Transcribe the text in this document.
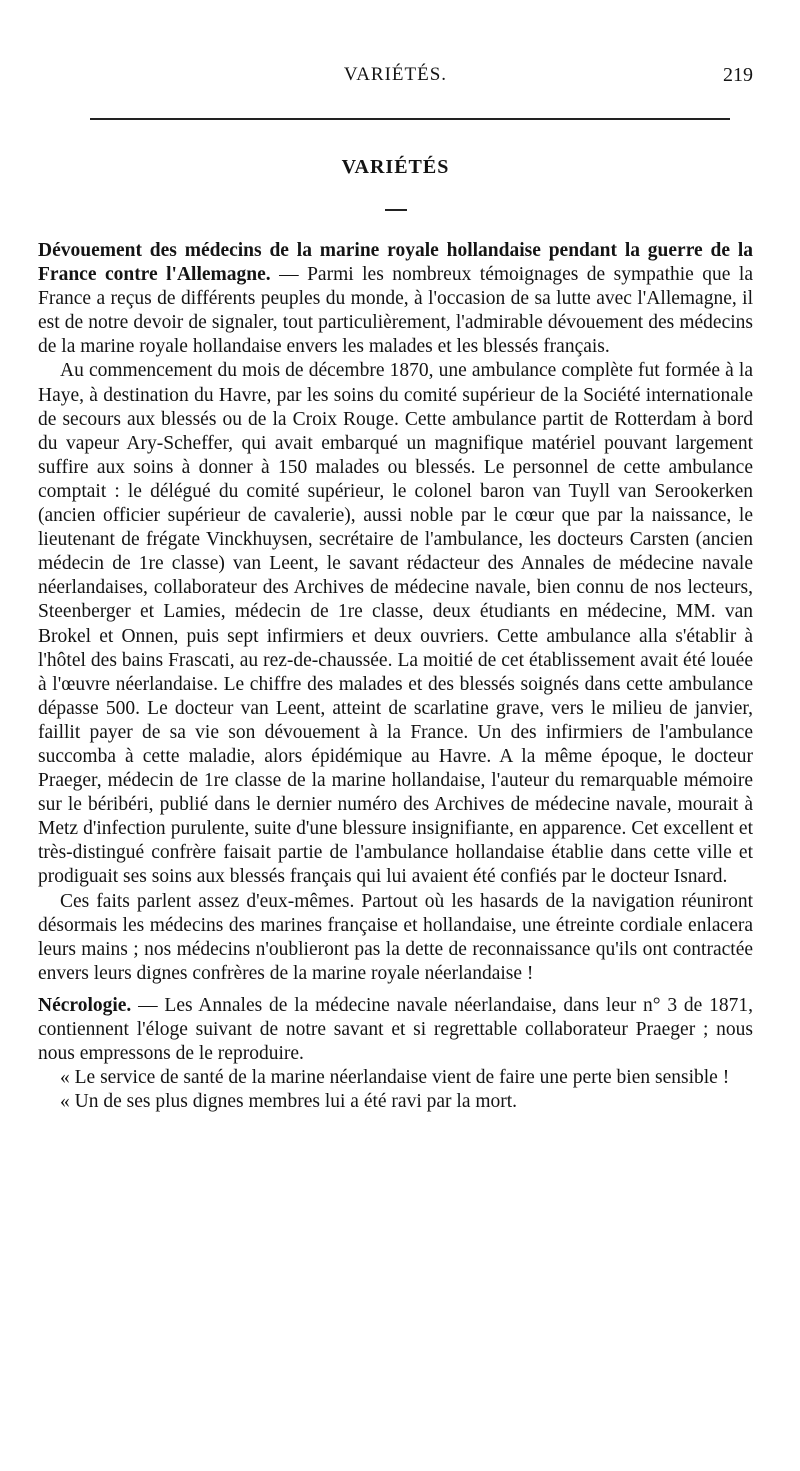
VARIÉTÉS.	219
VARIÉTÉS

Dévouement des médecins de la marine royale hollandaise pendant la guerre de la France contre l'Allemagne. — Parmi les nombreux témoignages de sympathie que la France a reçus de différents peuples du monde, à l'occasion de sa lutte avec l'Allemagne, il est de notre devoir de signaler, tout particulièrement, l'admirable dévouement des médecins de la marine royale hollandaise envers les malades et les blessés français.

Au commencement du mois de décembre 1870, une ambulance complète fut formée à la Haye, à destination du Havre, par les soins du comité supérieur de la Société internationale de secours aux blessés ou de la Croix Rouge. Cette ambulance partit de Rotterdam à bord du vapeur Ary-Scheffer, qui avait embarqué un magnifique matériel pouvant largement suffire aux soins à donner à 150 malades ou blessés. Le personnel de cette ambulance comptait : le délégué du comité supérieur, le colonel baron van Tuyll van Serookerken (ancien officier supérieur de cavalerie), aussi noble par le cœur que par la naissance, le lieutenant de frégate Vinckhuysen, secrétaire de l'ambulance, les docteurs Carsten (ancien médecin de 1re classe) van Leent, le savant rédacteur des Annales de médecine navale néerlandaises, collaborateur des Archives de médecine navale, bien connu de nos lecteurs, Steenberger et Lamies, médecin de 1re classe, deux étudiants en médecine, MM. van Brokel et Onnen, puis sept infirmiers et deux ouvriers. Cette ambulance alla s'établir à l'hôtel des bains Frascati, au rez-de-chaussée. La moitié de cet établissement avait été louée à l'œuvre néerlandaise. Le chiffre des malades et des blessés soignés dans cette ambulance dépasse 500. Le docteur van Leent, atteint de scarlatine grave, vers le milieu de janvier, faillit payer de sa vie son dévouement à la France. Un des infirmiers de l'ambulance succomba à cette maladie, alors épidémique au Havre. A la même époque, le docteur Praeger, médecin de 1re classe de la marine hollandaise, l'auteur du remarquable mémoire sur le béribéri, publié dans le dernier numéro des Archives de médecine navale, mourait à Metz d'infection purulente, suite d'une blessure insignifiante, en apparence. Cet excellent et très-distingué confrère faisait partie de l'ambulance hollandaise établie dans cette ville et prodiguait ses soins aux blessés français qui lui avaient été confiés par le docteur Isnard.

Ces faits parlent assez d'eux-mêmes. Partout où les hasards de la navigation réuniront désormais les médecins des marines française et hollandaise, une étreinte cordiale enlacera leurs mains ; nos médecins n'oublieront pas la dette de reconnaissance qu'ils ont contractée envers leurs dignes confrères de la marine royale néerlandaise !

Nécrologie. — Les Annales de la médecine navale néerlandaise, dans leur n° 3 de 1871, contiennent l'éloge suivant de notre savant et si regrettable collaborateur Praeger ; nous nous empressons de le reproduire.

« Le service de santé de la marine néerlandaise vient de faire une perte bien sensible !

« Un de ses plus dignes membres lui a été ravi par la mort.
